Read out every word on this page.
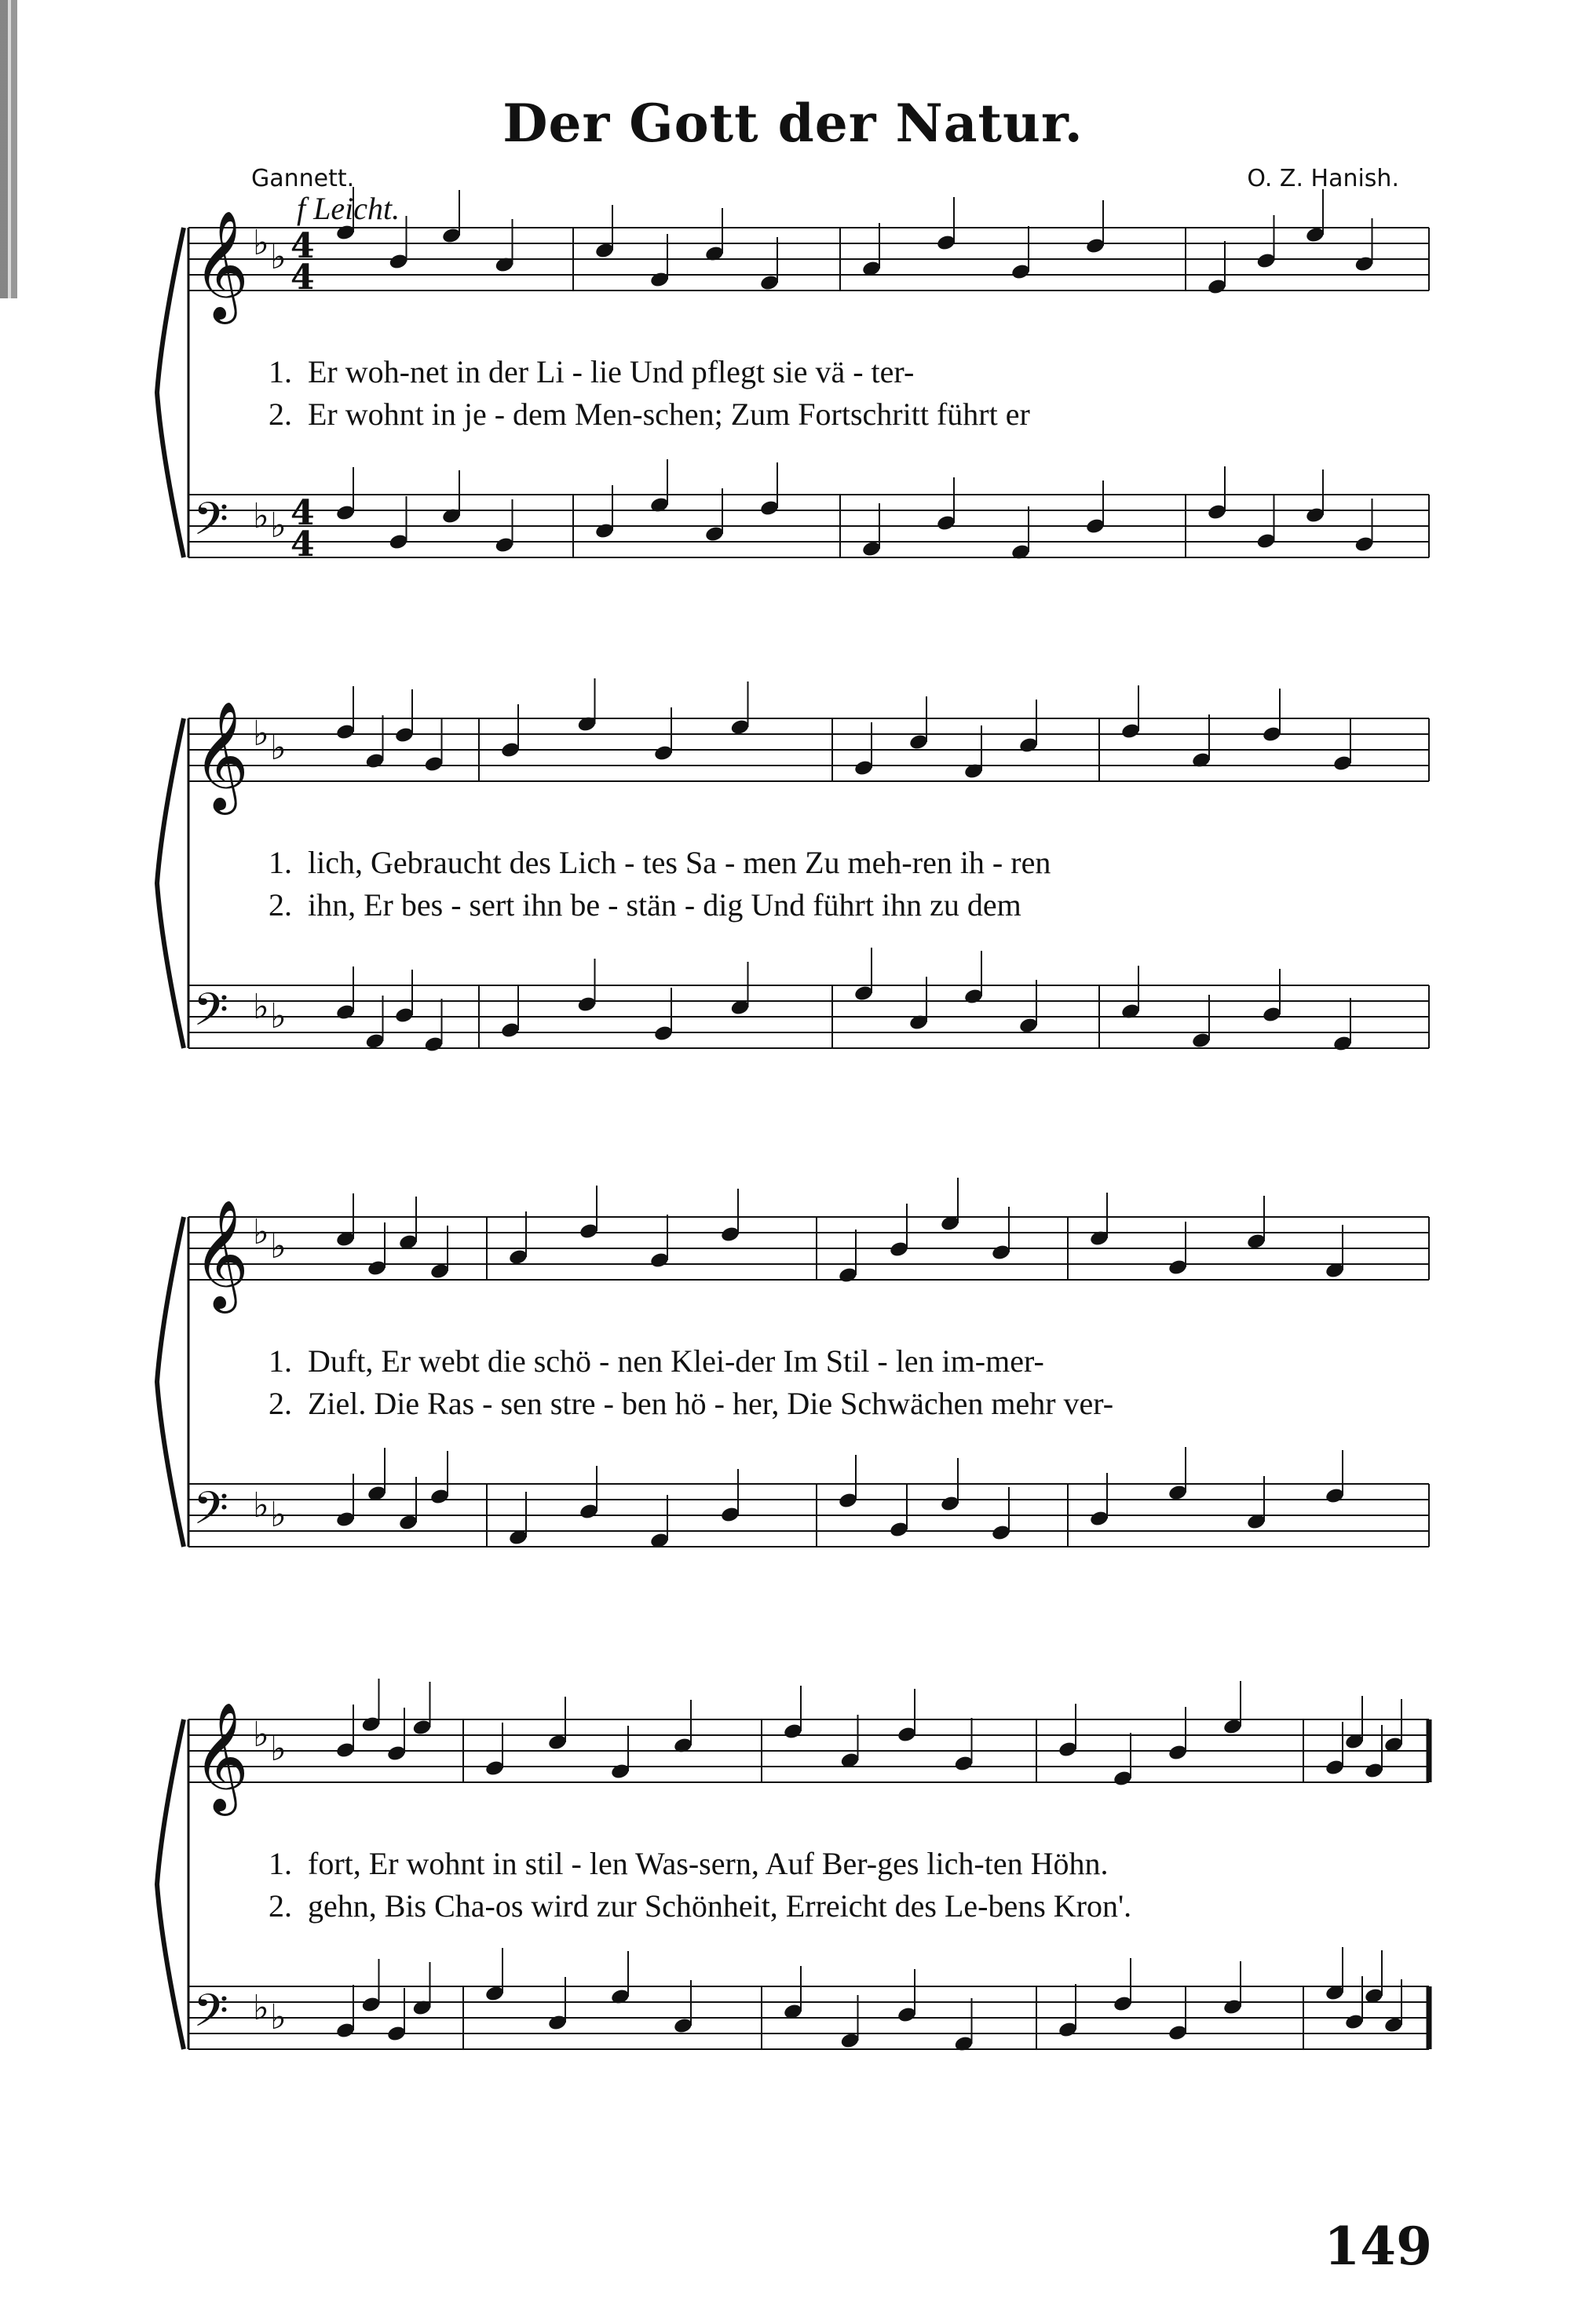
Der Gott der Natur.
Gannett.	O. Z. Hanish.
f Leicht.
𝄞 ♭ ♭
𝄢 ♭ ♭
4
4
4
4
1. Er woh-net in der Li - lie Und pflegt sie vä - ter-
2. Er wohnt in je - dem Men-schen; Zum Fortschritt führt er
𝄞 ♭ ♭
𝄢 ♭ ♭
1. lich, Gebraucht des Lich - tes Sa - men Zu meh-ren ih - ren
2. ihn, Er bes - sert ihn be - stän - dig Und führt ihn zu dem
𝄞 ♭ ♭
𝄢 ♭ ♭
1. Duft, Er webt die schö - nen Klei-der Im Stil - len im-mer-
2. Ziel. Die Ras - sen stre - ben hö - her, Die Schwächen mehr ver-
𝄞 ♭ ♭
𝄢 ♭ ♭
1. fort, Er wohnt in stil - len Was-sern, Auf Ber-ges lich-ten Höhn.
2. gehn, Bis Cha-os wird zur Schönheit, Erreicht des Le-bens Kron'.
149
